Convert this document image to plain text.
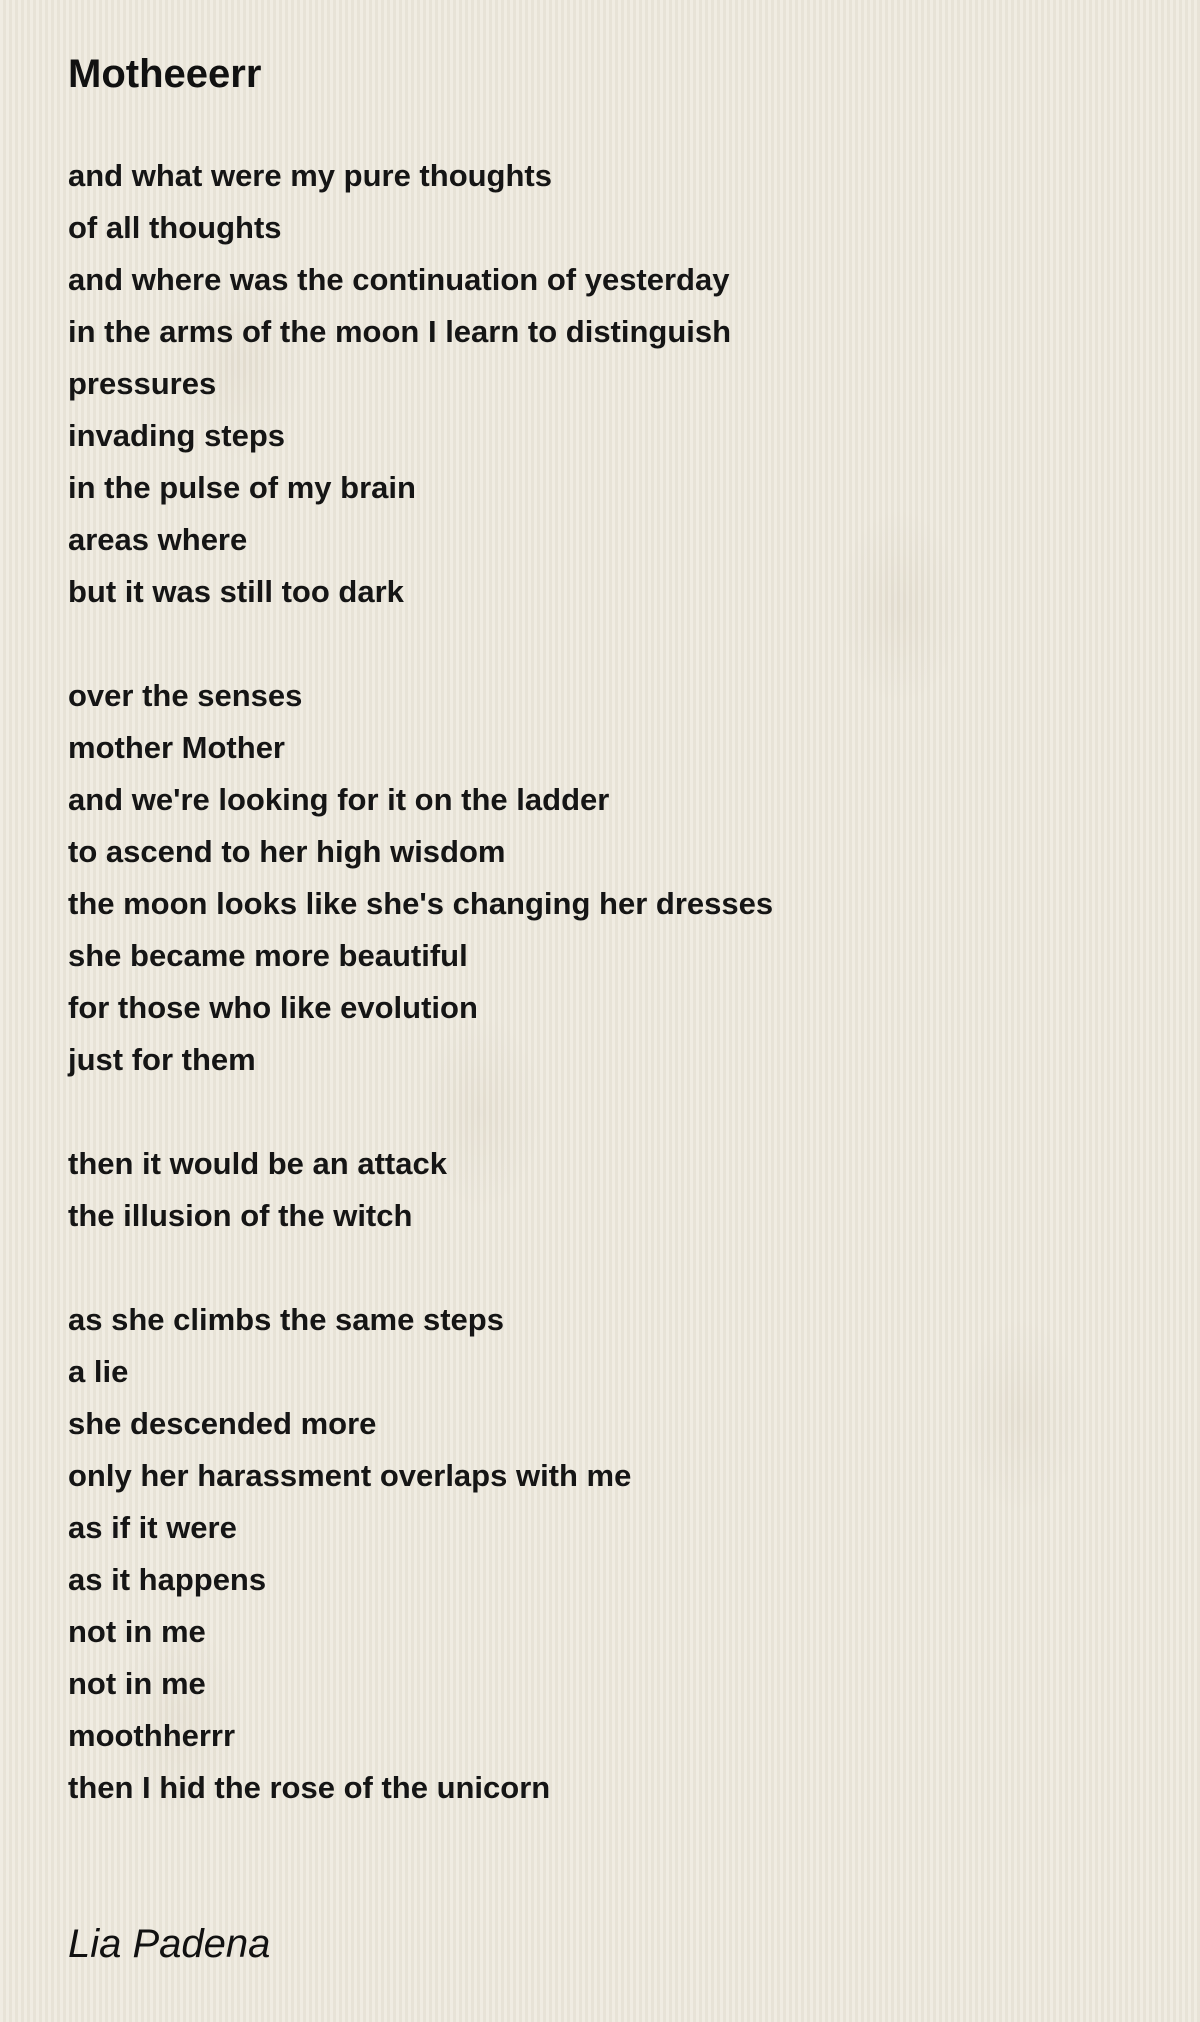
Motheeerr
and what were my pure thoughts
of all thoughts
and where was the continuation of yesterday
in the arms of the moon I learn to distinguish
pressures
invading steps
in the pulse of my brain
areas where
but it was still too dark
over the senses
mother Mother
and we're looking for it on the ladder
to ascend to her high wisdom
the moon looks like she's changing her dresses
she became more beautiful
for those who like evolution
just for them
then it would be an attack
the illusion of the witch
as she climbs the same steps
a lie
she descended more
only her harassment overlaps with me
as if it were
as it happens
not in me
not in me
moothherrr
then I hid the rose of the unicorn

Lia Padena
